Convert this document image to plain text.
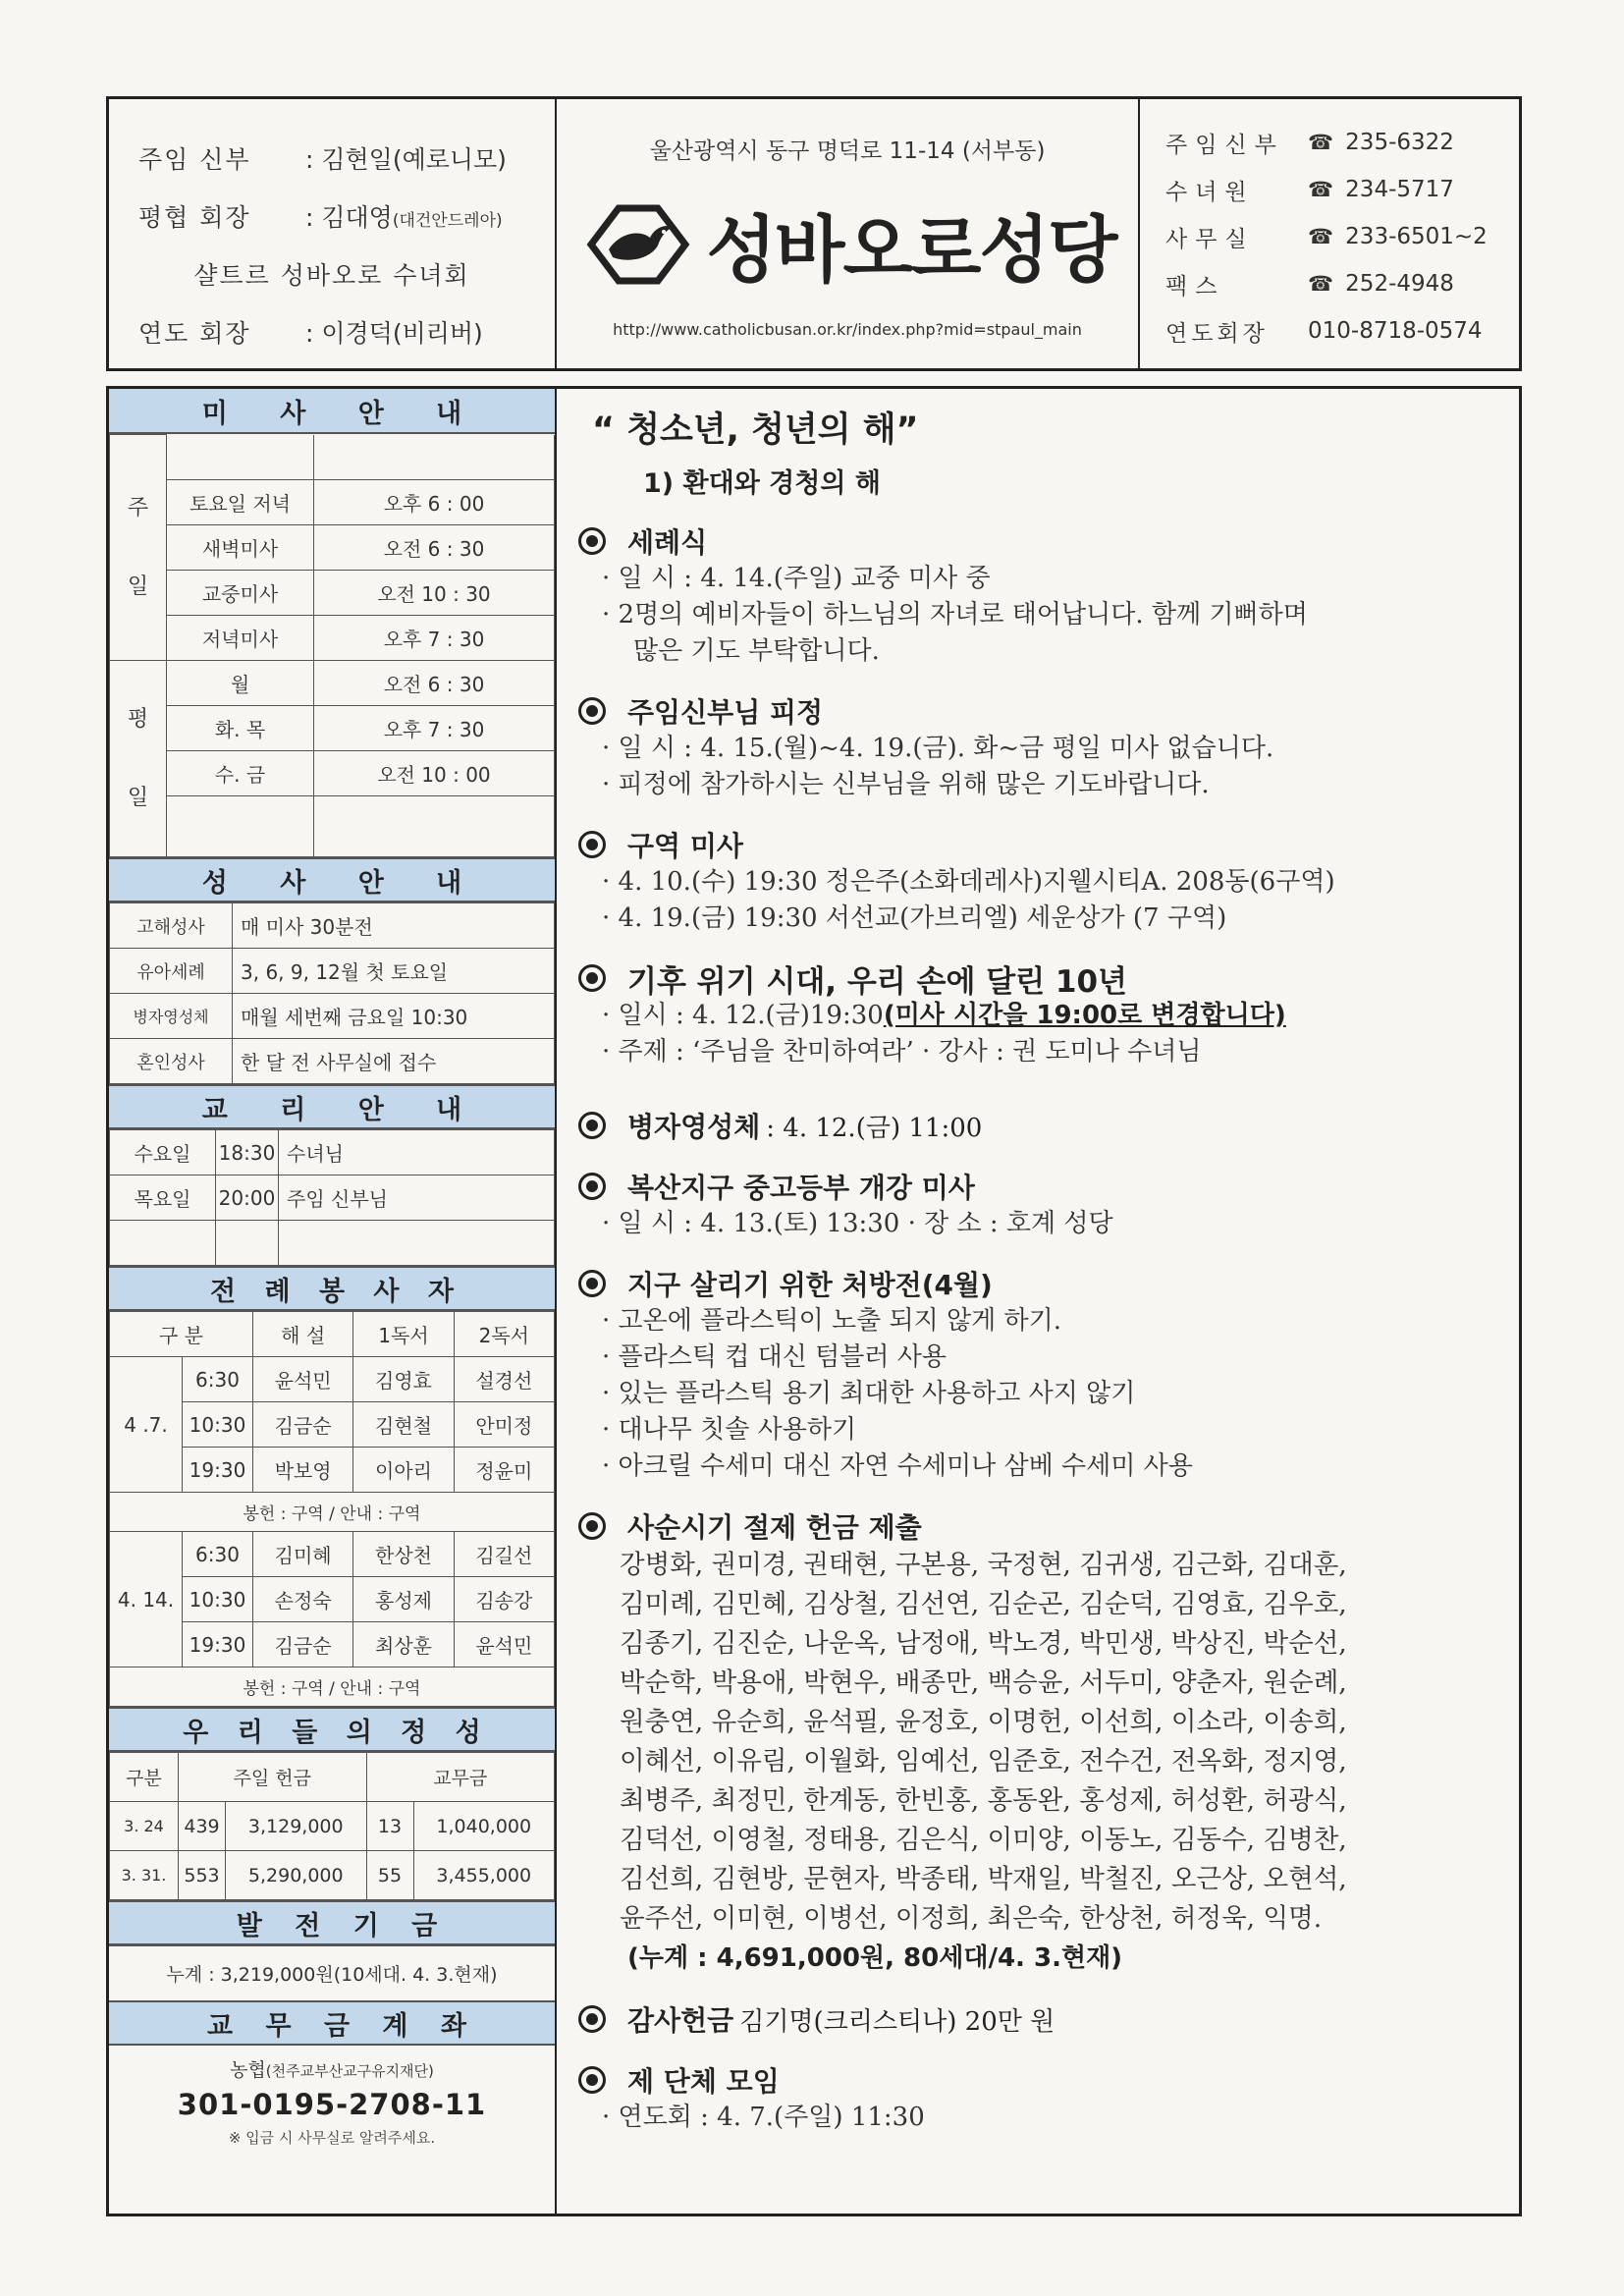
주임 신부	: 김현일(예로니모)
평협 회장	: 김대영(대건안드레아)
샬트르 성바오로 수녀회
연도 회장	: 이경덕(비리버)
울산광역시 동구 명덕로 11-14 (서부동)
성바오로성당
http://www.catholicbusan.or.kr/index.php?mid=stpaul_main
주임신부	☎ 235-6322
수녀원	☎ 234-5717
사무실	☎ 233-6501~2
팩스	☎ 252-4948
연도회장	010-8718-0574
미 사 안 내
주

일		
	토요일 저녁	오후 6 : 00
	새벽미사	오전 6 : 30
	교중미사	오전 10 : 30
	저녁미사	오후 7 : 30
평

일	월	오전 6 : 30
	화. 목	오후 7 : 30
	수. 금	오전 10 : 00

성 사 안 내
고해성사	매 미사 30분전
유아세례	3, 6, 9, 12월 첫 토요일
병자영성체	매월 세번째 금요일 10:30
혼인성사	한 달 전 사무실에 접수
교 리 안 내
수요일	18:30	수녀님
목요일	20:00	주임 신부님

전 례 봉 사 자
구 분		해 설	1독서	2독서
4 .7.	6:30	윤석민	김영효	설경선
	10:30	김금순	김현철	안미정
	19:30	박보영	이아리	정윤미
봉헌 : 구역 / 안내 : 구역				
4. 14.	6:30	김미혜	한상천	김길선
	10:30	손정숙	홍성제	김송강
	19:30	김금순	최상훈	윤석민
봉헌 : 구역 / 안내 : 구역				
우 리 들 의 정 성
구분	주일 헌금		교무금	
3. 24	439	3,129,000	13	1,040,000
3. 31.	553	5,290,000	55	3,455,000
발 전 기 금
누계 : 3,219,000원(10세대. 4. 3.현재)
교 무 금 계 좌
농협(천주교부산교구유지재단)
301-0195-2708-11
※ 입금 시 사무실로 알려주세요.
“ 청소년, 청년의 해”
1) 환대와 경청의 해
세례식
· 일 시 : 4. 14.(주일) 교중 미사 중
· 2명의 예비자들이 하느님의 자녀로 태어납니다. 함께 기뻐하며
많은 기도 부탁합니다.
주임신부님 피정
· 일 시 : 4. 15.(월)~4. 19.(금). 화~금 평일 미사 없습니다.
· 피정에 참가하시는 신부님을 위해 많은 기도바랍니다.
구역 미사
· 4. 10.(수) 19:30 정은주(소화데레사)지웰시티A. 208동(6구역)
· 4. 19.(금) 19:30 서선교(가브리엘) 세운상가 (7 구역)
기후 위기 시대, 우리 손에 달린 10년
· 일시 : 4. 12.(금)19:30(미사 시간을 19:00로 변경합니다)
· 주제 : ‘주님을 찬미하여라’ · 강사 : 권 도미나 수녀님
병자영성체 : 4. 12.(금) 11:00
복산지구 중고등부 개강 미사
· 일 시 : 4. 13.(토) 13:30 · 장 소 : 호계 성당
지구 살리기 위한 처방전(4월)
· 고온에 플라스틱이 노출 되지 않게 하기.
· 플라스틱 컵 대신 텀블러 사용
· 있는 플라스틱 용기 최대한 사용하고 사지 않기
· 대나무 칫솔 사용하기
· 아크릴 수세미 대신 자연 수세미나 삼베 수세미 사용
사순시기 절제 헌금 제출
강병화, 권미경, 권태현, 구본용, 국정현, 김귀생, 김근화, 김대훈,
김미례, 김민혜, 김상철, 김선연, 김순곤, 김순덕, 김영효, 김우호,
김종기, 김진순, 나운옥, 남정애, 박노경, 박민생, 박상진, 박순선,
박순학, 박용애, 박현우, 배종만, 백승윤, 서두미, 양춘자, 원순례,
원충연, 유순희, 윤석필, 윤정호, 이명헌, 이선희, 이소라, 이송희,
이혜선, 이유림, 이월화, 임예선, 임준호, 전수건, 전옥화, 정지영,
최병주, 최정민, 한계동, 한빈홍, 홍동완, 홍성제, 허성환, 허광식,
김덕선, 이영철, 정태용, 김은식, 이미양, 이동노, 김동수, 김병찬,
김선희, 김현방, 문현자, 박종태, 박재일, 박철진, 오근상, 오현석,
윤주선, 이미현, 이병선, 이정희, 최은숙, 한상천, 허정욱, 익명.
(누계 : 4,691,000원, 80세대/4. 3.현재)
감사헌금 김기명(크리스티나) 20만 원
제 단체 모임
· 연도회 : 4. 7.(주일) 11:30
